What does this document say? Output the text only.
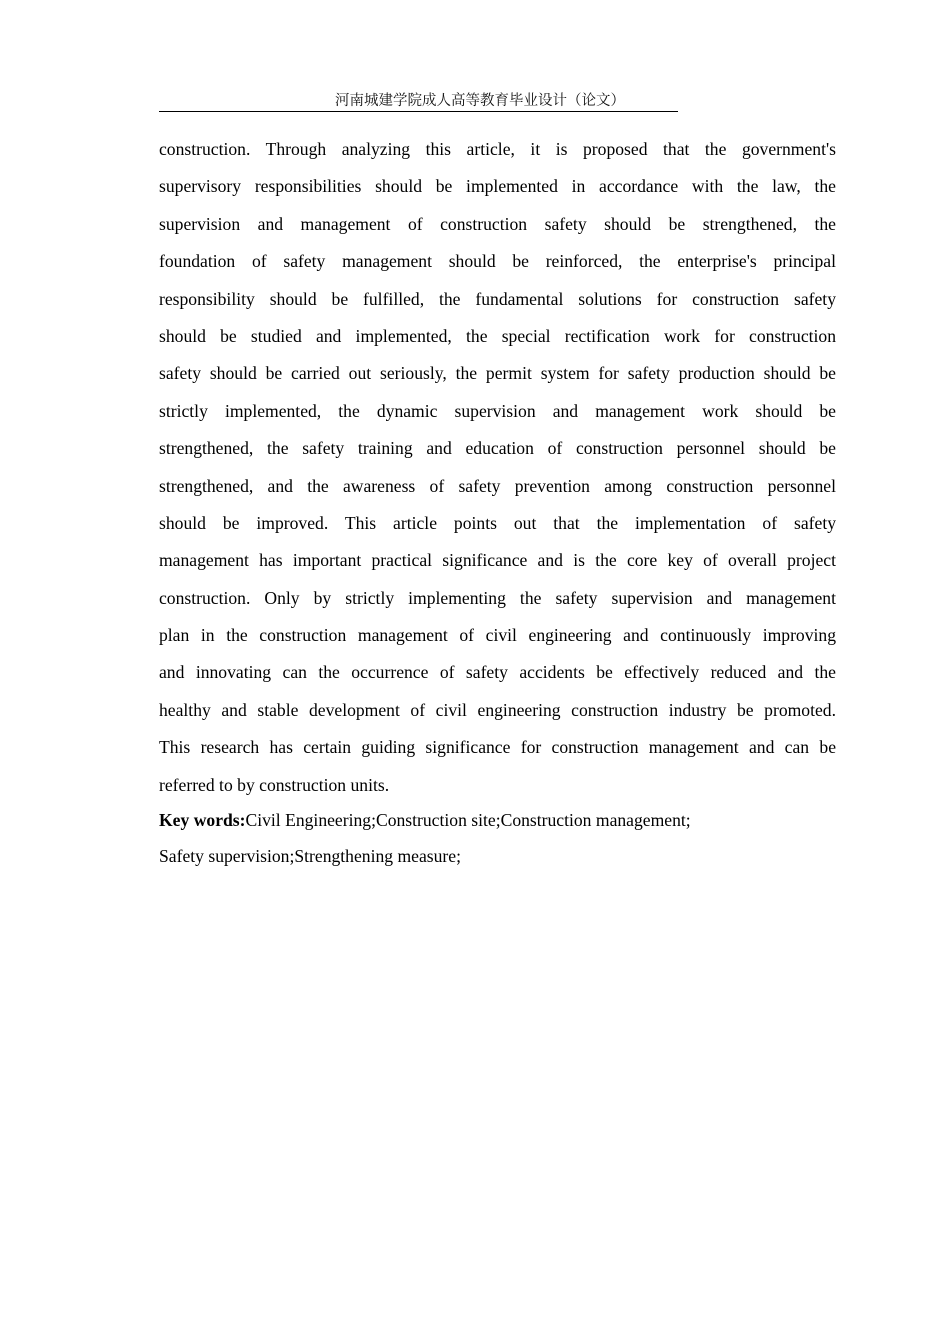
河南城建学院成人高等教育毕业设计（论文）
construction. Through analyzing this article, it is proposed that the government's
supervisory responsibilities should be implemented in accordance with the law, the
supervision and management of construction safety should be strengthened, the
foundation of safety management should be reinforced, the enterprise's principal
responsibility should be fulfilled, the fundamental solutions for construction safety
should be studied and implemented, the special rectification work for construction
safety should be carried out seriously, the permit system for safety production should be
strictly implemented, the dynamic supervision and management work should be
strengthened, the safety training and education of construction personnel should be
strengthened, and the awareness of safety prevention among construction personnel
should be improved. This article points out that the implementation of safety
management has important practical significance and is the core key of overall project
construction. Only by strictly implementing the safety supervision and management
plan in the construction management of civil engineering and continuously improving
and innovating can the occurrence of safety accidents be effectively reduced and the
healthy and stable development of civil engineering construction industry be promoted.
This research has certain guiding significance for construction management and can be
referred to by construction units.
Key words:Civil Engineering;Construction site;Construction management;
Safety supervision;Strengthening measure;
